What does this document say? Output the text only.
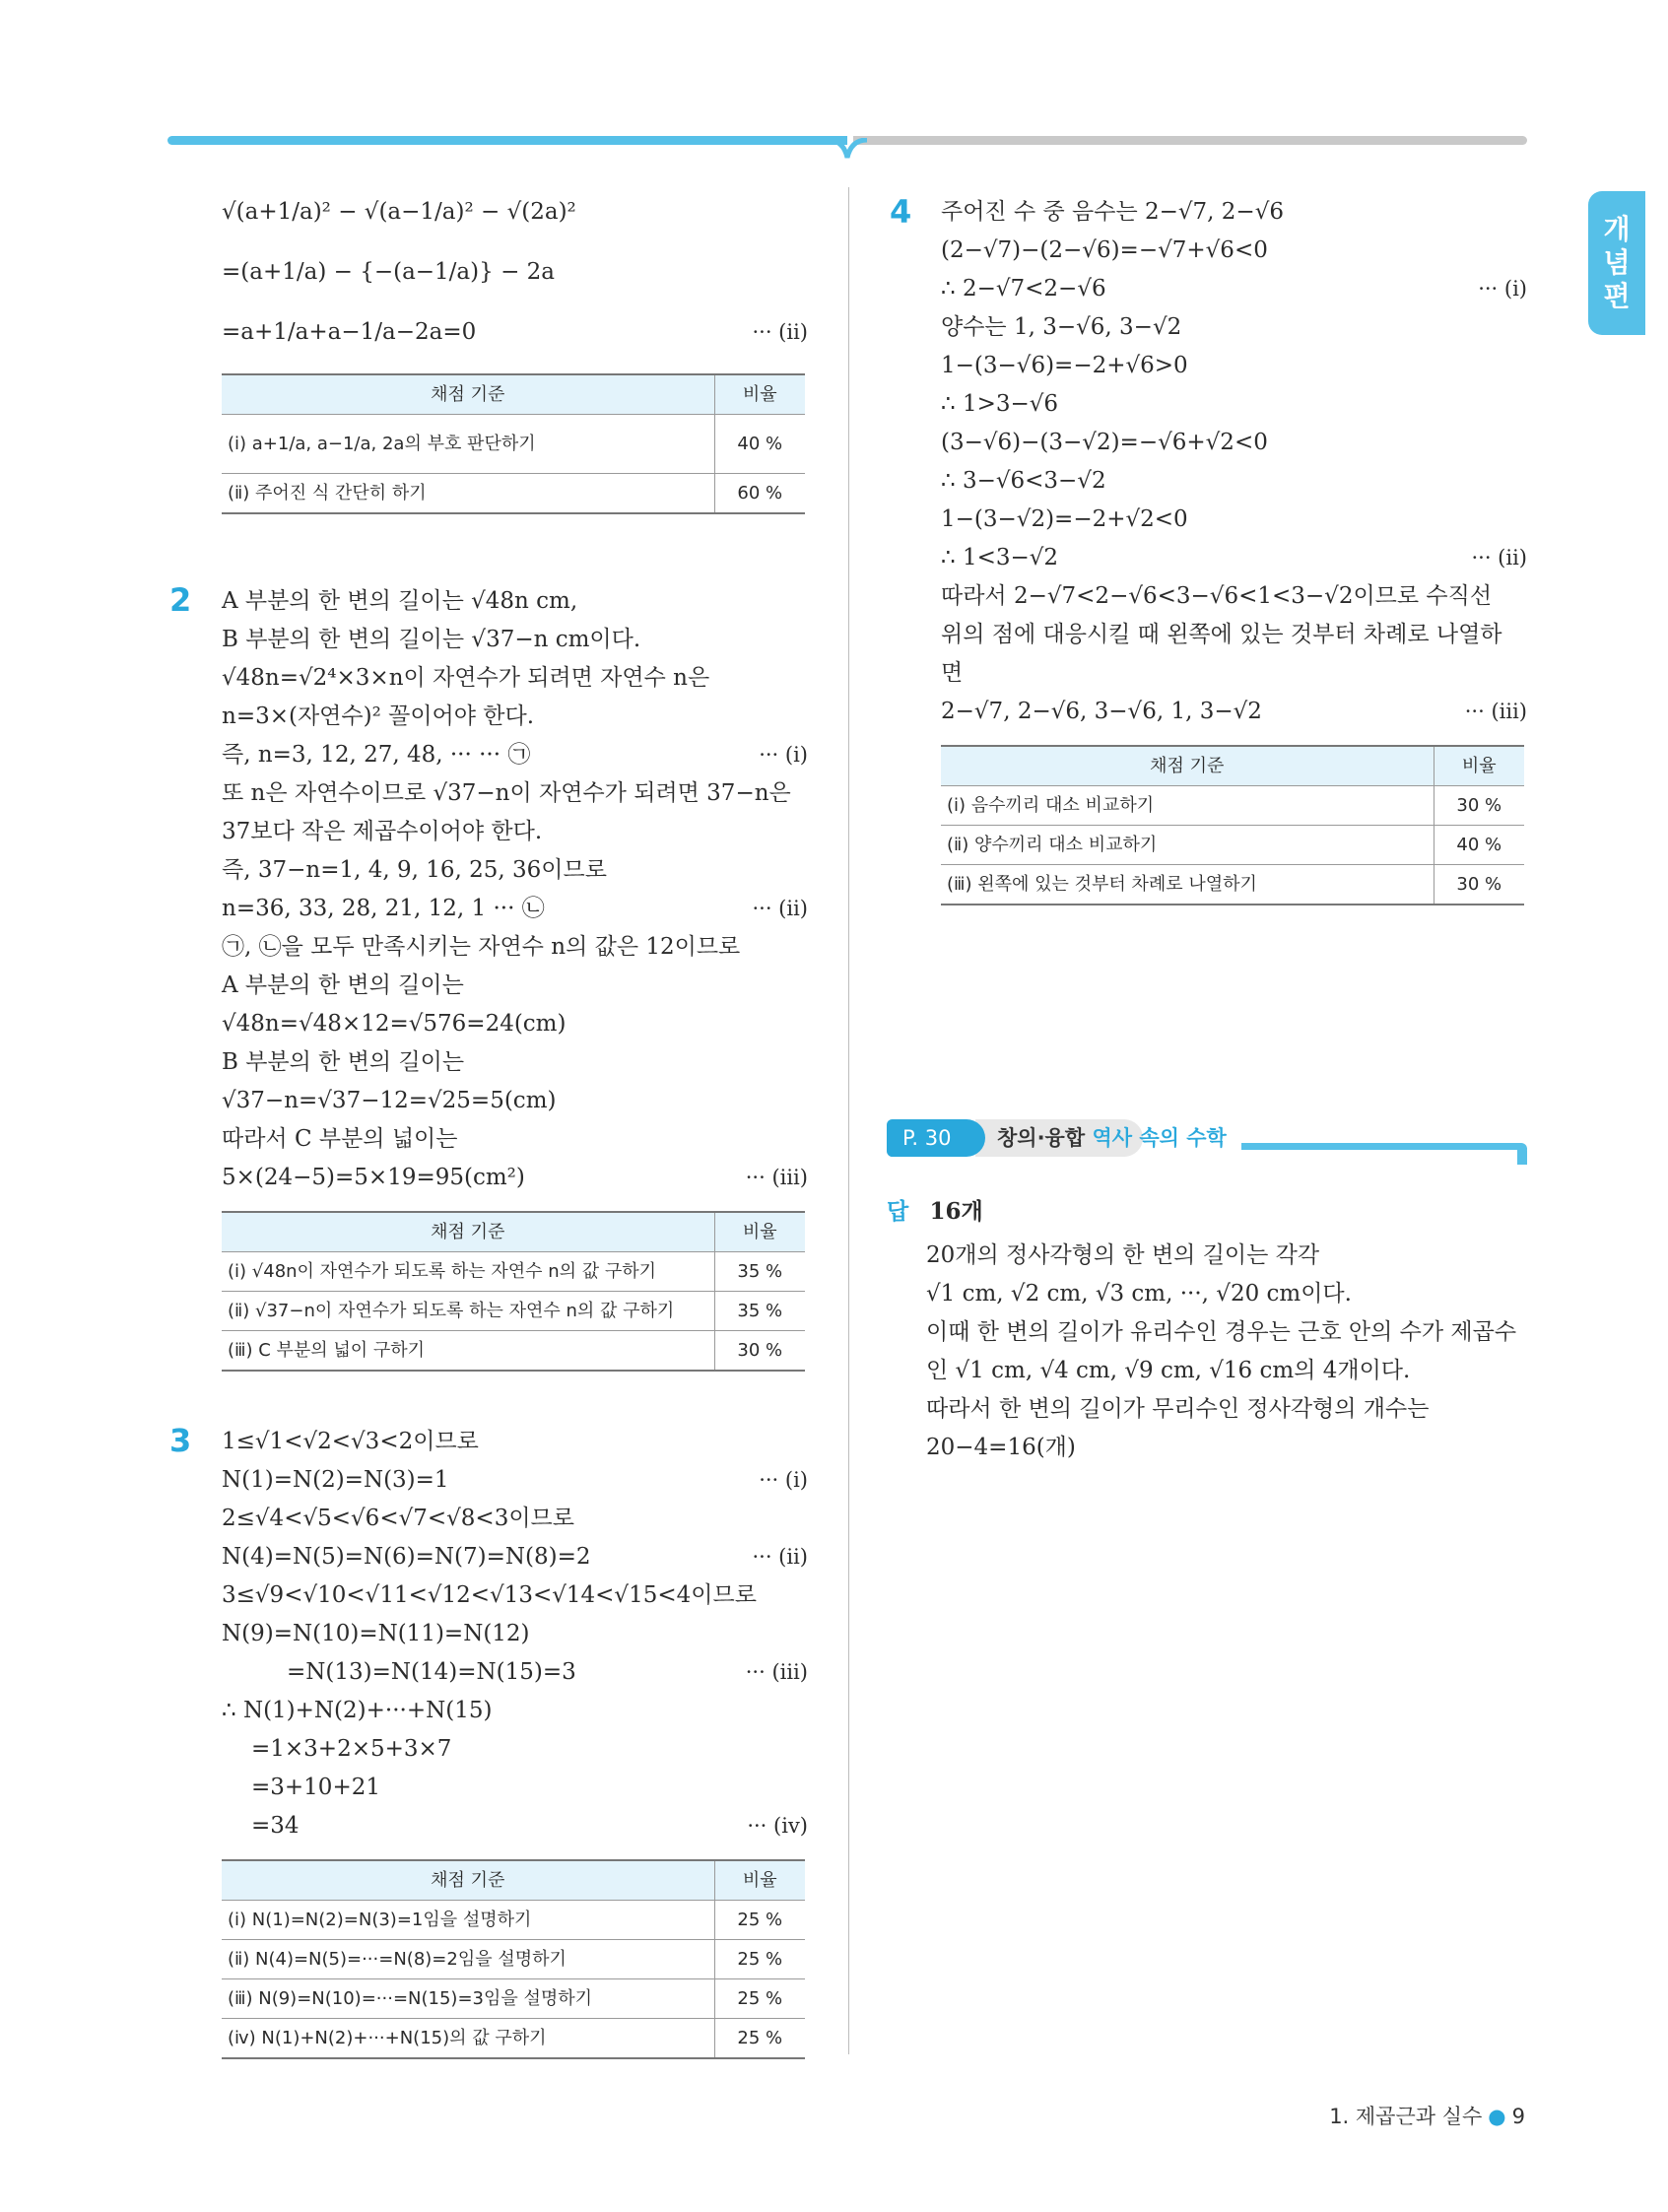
개
념
편
√(a+1/a)² − √(a−1/a)² − √(2a)²
=(a+1/a) − {−(a−1/a)} − 2a
=a+1/a+a−1/a−2a=0	··· (ⅱ)
채점 기준	비율
(ⅰ) a+1/a, a−1/a, 2a의 부호 판단하기	40 %
(ⅱ) 주어진 식 간단히 하기	60 %
2 A 부분의 한 변의 길이는 √48n cm,
B 부분의 한 변의 길이는 √37−n cm이다.
√48n=√2⁴×3×n이 자연수가 되려면 자연수 n은
n=3×(자연수)² 꼴이어야 한다.
즉, n=3, 12, 27, 48, ··· ··· ㉠	··· (ⅰ)
또 n은 자연수이므로 √37−n이 자연수가 되려면 37−n은
37보다 작은 제곱수이어야 한다.
즉, 37−n=1, 4, 9, 16, 25, 36이므로
n=36, 33, 28, 21, 12, 1 ··· ㉡	··· (ⅱ)
㉠, ㉡을 모두 만족시키는 자연수 n의 값은 12이므로
A 부분의 한 변의 길이는
√48n=√48×12=√576=24(cm)
B 부분의 한 변의 길이는
√37−n=√37−12=√25=5(cm)
따라서 C 부분의 넓이는
5×(24−5)=5×19=95(cm²)	··· (ⅲ)
채점 기준	비율
(ⅰ) √48n이 자연수가 되도록 하는 자연수 n의 값 구하기	35 %
(ⅱ) √37−n이 자연수가 되도록 하는 자연수 n의 값 구하기	35 %
(ⅲ) C 부분의 넓이 구하기	30 %
3 1≤√1<√2<√3<2이므로
N(1)=N(2)=N(3)=1	··· (ⅰ)
2≤√4<√5<√6<√7<√8<3이므로
N(4)=N(5)=N(6)=N(7)=N(8)=2	··· (ⅱ)
3≤√9<√10<√11<√12<√13<√14<√15<4이므로
N(9)=N(10)=N(11)=N(12)
=N(13)=N(14)=N(15)=3	··· (ⅲ)
∴ N(1)+N(2)+···+N(15)
=1×3+2×5+3×7
=3+10+21
=34	··· (ⅳ)
채점 기준	비율
(ⅰ) N(1)=N(2)=N(3)=1임을 설명하기	25 %
(ⅱ) N(4)=N(5)=···=N(8)=2임을 설명하기	25 %
(ⅲ) N(9)=N(10)=···=N(15)=3임을 설명하기	25 %
(ⅳ) N(1)+N(2)+···+N(15)의 값 구하기	25 %
4 주어진 수 중 음수는 2−√7, 2−√6
(2−√7)−(2−√6)=−√7+√6<0
∴ 2−√7<2−√6	··· (ⅰ)
양수는 1, 3−√6, 3−√2
1−(3−√6)=−2+√6>0
∴ 1>3−√6
(3−√6)−(3−√2)=−√6+√2<0
∴ 3−√6<3−√2
1−(3−√2)=−2+√2<0
∴ 1<3−√2	··· (ⅱ)
따라서 2−√7<2−√6<3−√6<1<3−√2이므로 수직선
위의 점에 대응시킬 때 왼쪽에 있는 것부터 차례로 나열하
면
2−√7, 2−√6, 3−√6, 1, 3−√2	··· (ⅲ)
채점 기준	비율
(ⅰ) 음수끼리 대소 비교하기	30 %
(ⅱ) 양수끼리 대소 비교하기	40 %
(ⅲ) 왼쪽에 있는 것부터 차례로 나열하기	30 %
P. 30	창의·융합 역사 속의 수학
답 16개
20개의 정사각형의 한 변의 길이는 각각
√1 cm, √2 cm, √3 cm, ···, √20 cm이다.
이때 한 변의 길이가 유리수인 경우는 근호 안의 수가 제곱수
인 √1 cm, √4 cm, √9 cm, √16 cm의 4개이다.
따라서 한 변의 길이가 무리수인 정사각형의 개수는
20−4=16(개)
1. 제곱근과 실수 ● 9
